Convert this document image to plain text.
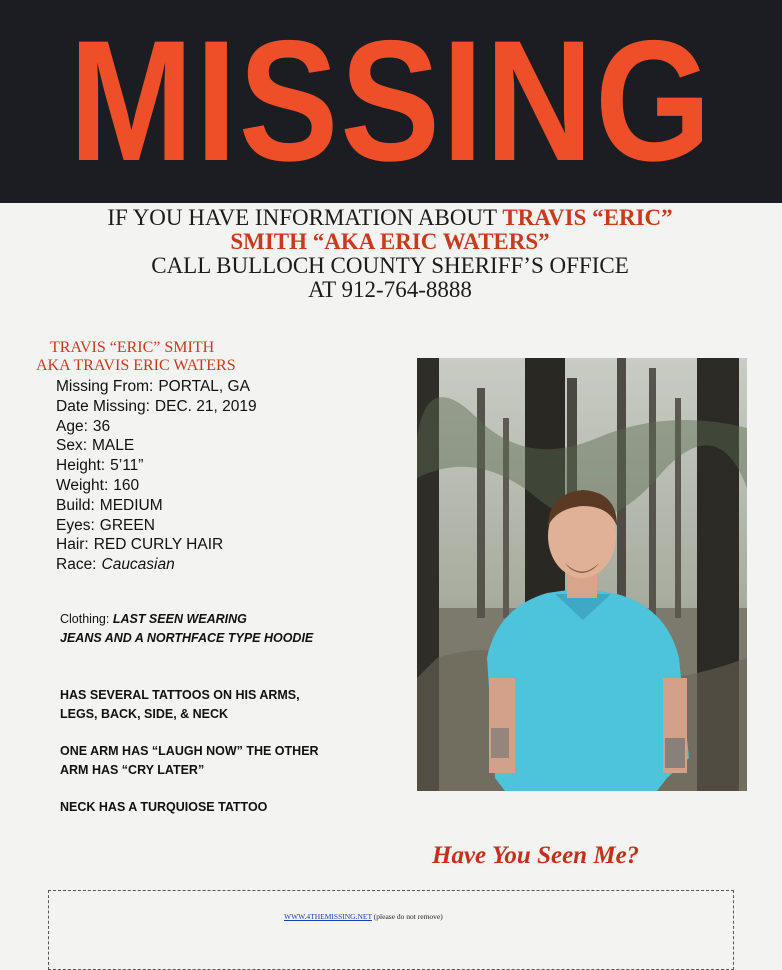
MISSING
IF YOU HAVE INFORMATION ABOUT TRAVIS “ERIC”
SMITH “AKA ERIC WATERS”
CALL BULLOCH COUNTY SHERIFF’S OFFICE
AT 912-764-8888
TRAVIS “ERIC” SMITH
AKA TRAVIS ERIC WATERS
Missing From: PORTAL, GA
Date Missing: DEC. 21, 2019
Age: 36
Sex: MALE
Height: 5’11”
Weight: 160
Build: MEDIUM
Eyes: GREEN
Hair: RED CURLY HAIR
Race: Caucasian
Clothing: LAST SEEN WEARING
JEANS AND A NORTHFACE TYPE HOODIE
HAS SEVERAL TATTOOS ON HIS ARMS,
LEGS, BACK, SIDE, & NECK
ONE ARM HAS “LAUGH NOW” THE OTHER
ARM HAS “CRY LATER”
NECK HAS A TURQUIOSE TATTOO
Have You Seen Me?
WWW.4THEMISSING.NET (please do not remove)
